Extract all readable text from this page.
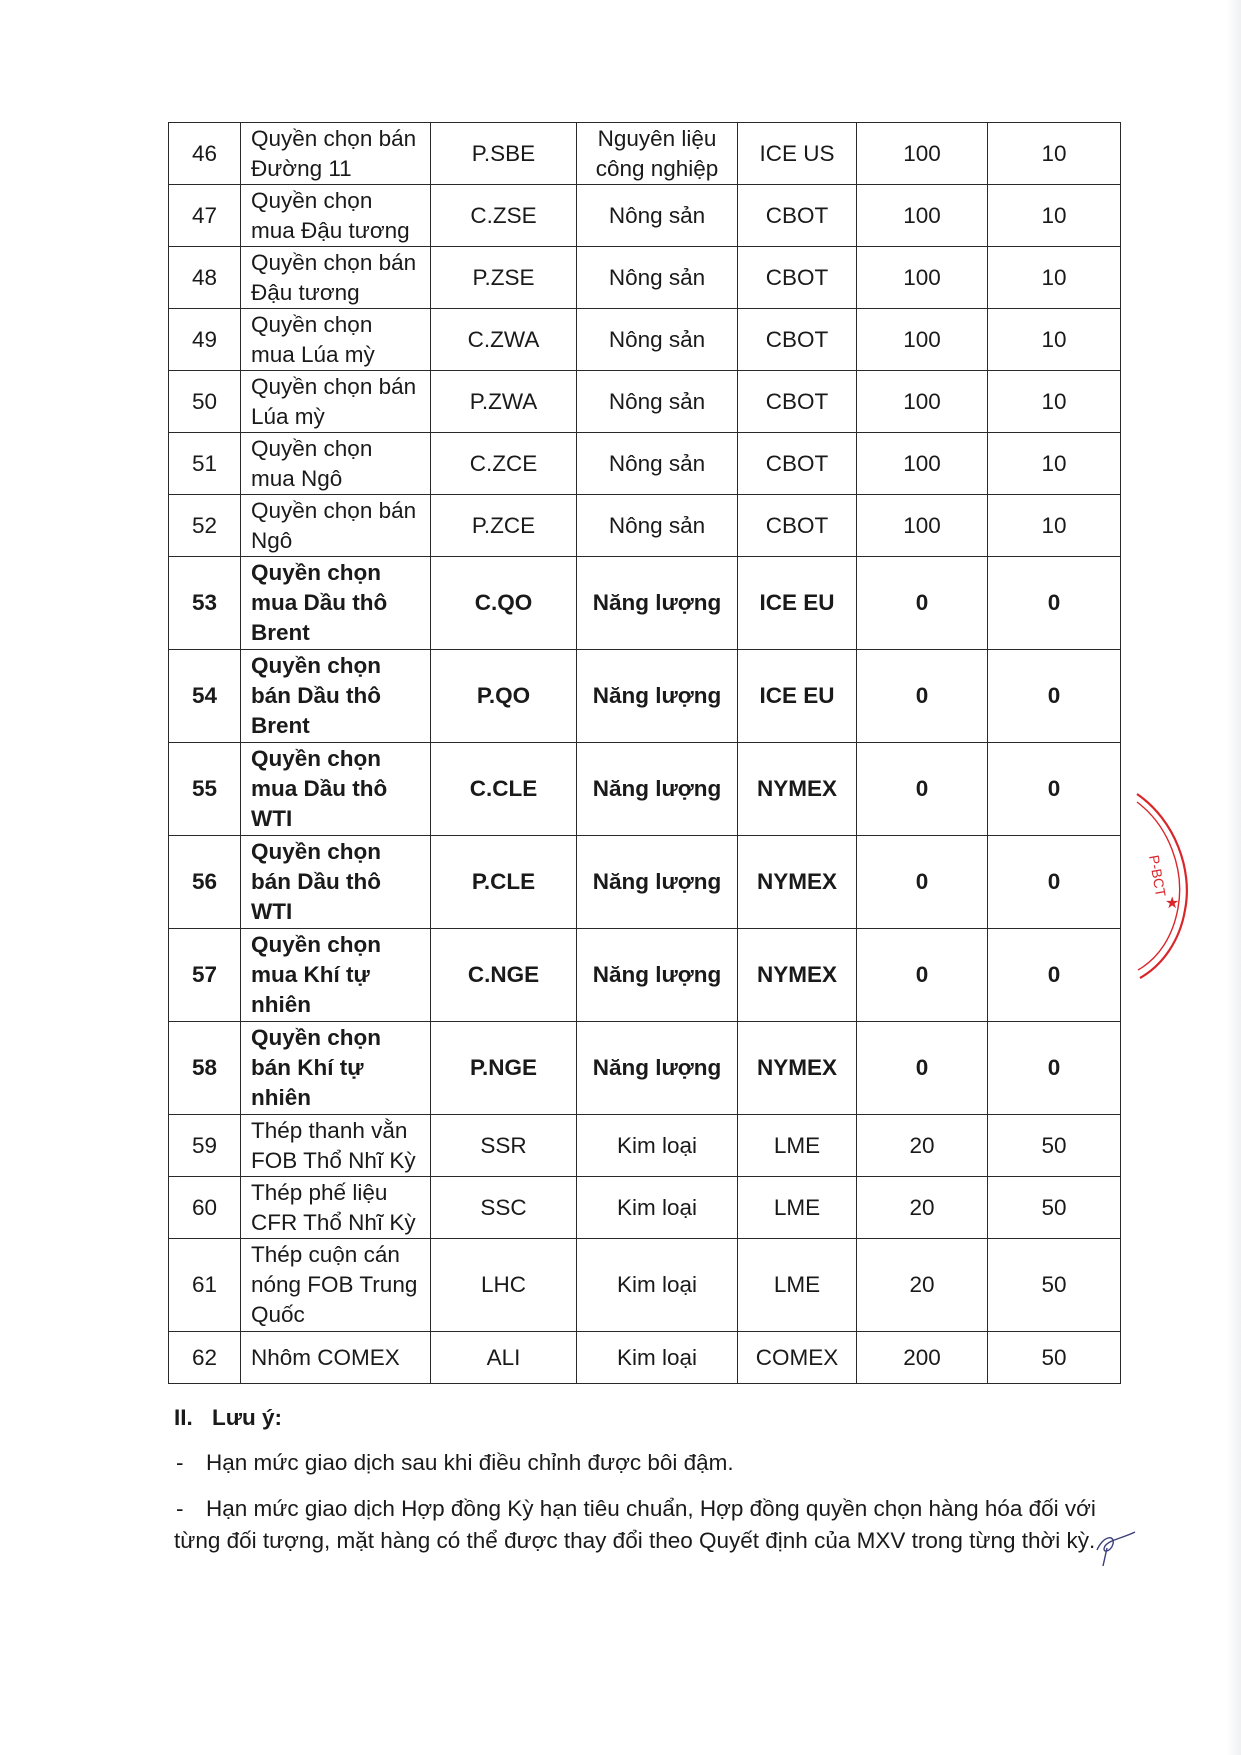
46	Quyền chọn bán Đường 11	P.SBE	Nguyên liệu công nghiệp	ICE US	100	10
47	Quyền chọn mua Đậu tương	C.ZSE	Nông sản	CBOT	100	10
48	Quyền chọn bán Đậu tương	P.ZSE	Nông sản	CBOT	100	10
49	Quyền chọn mua Lúa mỳ	C.ZWA	Nông sản	CBOT	100	10
50	Quyền chọn bán Lúa mỳ	P.ZWA	Nông sản	CBOT	100	10
51	Quyền chọn mua Ngô	C.ZCE	Nông sản	CBOT	100	10
52	Quyền chọn bán Ngô	P.ZCE	Nông sản	CBOT	100	10
53	Quyền chọn mua Dầu thô Brent	C.QO	Năng lượng	ICE EU	0	0
54	Quyền chọn bán Dầu thô Brent	P.QO	Năng lượng	ICE EU	0	0
55	Quyền chọn mua Dầu thô WTI	C.CLE	Năng lượng	NYMEX	0	0
56	Quyền chọn bán Dầu thô WTI	P.CLE	Năng lượng	NYMEX	0	0
57	Quyền chọn mua Khí tự nhiên	C.NGE	Năng lượng	NYMEX	0	0
58	Quyền chọn bán Khí tự nhiên	P.NGE	Năng lượng	NYMEX	0	0
59	Thép thanh vằn FOB Thổ Nhĩ Kỳ	SSR	Kim loại	LME	20	50
60	Thép phế liệu CFR Thổ Nhĩ Kỳ	SSC	Kim loại	LME	20	50
61	Thép cuộn cán nóng FOB Trung Quốc	LHC	Kim loại	LME	20	50
62	Nhôm COMEX	ALI	Kim loại	COMEX	200	50
II. Lưu ý:
- Hạn mức giao dịch sau khi điều chỉnh được bôi đậm.
- Hạn mức giao dịch Hợp đồng Kỳ hạn tiêu chuẩn, Hợp đồng quyền chọn hàng hóa đối với từng đối tượng, mặt hàng có thể được thay đổi theo Quyết định của MXV trong từng thời kỳ.
P-BCT
★
